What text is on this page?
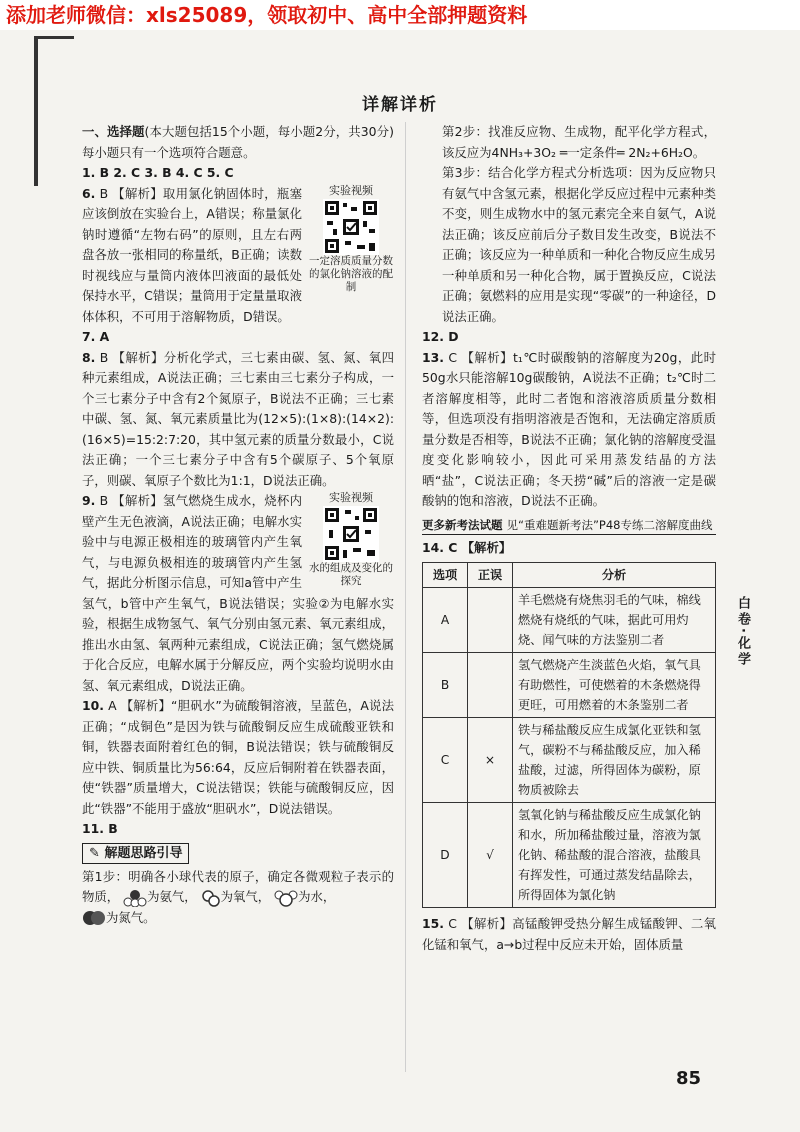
添加老师微信：xls25089，领取初中、高中全部押题资料
详解详析

一、选择题(本大题包括15个小题，每小题2分，共30分)每小题只有一个选项符合题意。

1. B 2. C 3. B 4. C 5. C

实验视频
一定溶质质量分数的氯化钠溶液的配制

6. B 【解析】取用氯化钠固体时，瓶塞应该倒放在实验台上，A错误；称量氯化钠时遵循“左物右码”的原则，且左右两盘各放一张相同的称量纸，B正确；读数时视线应与量筒内液体凹液面的最低处保持水平，C错误；量筒用于定量量取液体体积，不可用于溶解物质，D错误。

7. A

8. B 【解析】分析化学式，三七素由碳、氢、氮、氧四种元素组成，A说法正确；三七素由三七素分子构成，一个三七素分子中含有2个氮原子，B说法不正确；三七素中碳、氢、氮、氧元素质量比为(12×5):(1×8):(14×2):(16×5)=15:2:7:20，其中氢元素的质量分数最小，C说法正确；一个三七素分子中含有5个碳原子、5个氧原子，则碳、氧原子个数比为1:1，D说法正确。

实验视频
水的组成及变化的探究

9. B 【解析】氢气燃烧生成水，烧杯内壁产生无色液滴，A说法正确；电解水实验中与电源正极相连的玻璃管内产生氧气，与电源负极相连的玻璃管内产生氢气，据此分析图示信息，可知a管中产生氢气，b管中产生氧气，B说法错误；实验②为电解水实验，根据生成物氢气、氧气分别由氢元素、氧元素组成，推出水由氢、氧两种元素组成，C说法正确；氢气燃烧属于化合反应，电解水属于分解反应，两个实验均说明水由氢、氧元素组成，D说法正确。

10. A 【解析】“胆矾水”为硫酸铜溶液，呈蓝色，A说法正确；“成铜色”是因为铁与硫酸铜反应生成硫酸亚铁和铜，铁器表面附着红色的铜，B说法错误；铁与硫酸铜反应中铁、铜质量比为56:64，反应后铜附着在铁器表面，使“铁器”质量增大，C说法错误；铁能与硫酸铜反应，因此“铁器”不能用于盛放“胆矾水”，D说法错误。

11. B

✎ 解题思路引导

第1步：明确各小球代表的原子，确定各微观粒子表示的物质， 为氨气， 为氧气， 为水，

为氮气。

第2步：找准反应物、生成物，配平化学方程式，该反应为4NH₃+3O₂ ═一定条件═ 2N₂+6H₂O。

第3步：结合化学方程式分析选项：因为反应物只有氨气中含氢元素，根据化学反应过程中元素种类不变，则生成物水中的氢元素完全来自氨气，A说法正确；该反应前后分子数目发生改变，B说法不正确；该反应为一种单质和一种化合物反应生成另一种单质和另一种化合物，属于置换反应，C说法正确；氨燃料的应用是实现“零碳”的一种途径，D说法正确。

12. D

13. C 【解析】t₁℃时碳酸钠的溶解度为20g，此时50g水只能溶解10g碳酸钠，A说法不正确；t₂℃时二者溶解度相等，此时二者饱和溶液溶质质量分数相等，但选项没有指明溶液是否饱和，无法确定溶质质量分数是否相等，B说法不正确；氯化钠的溶解度受温度变化影响较小，因此可采用蒸发结晶的方法晒“盐”，C说法正确；冬天捞“碱”后的溶液一定是碳酸钠的饱和溶液，D说法不正确。

更多新考法试题 见“重难题新考法”P48专练二溶解度曲线

14. C 【解析】

选项	正误	分析
A		羊毛燃烧有烧焦羽毛的气味，棉线燃烧有烧纸的气味，据此可用灼烧、闻气味的方法鉴别二者
B		氢气燃烧产生淡蓝色火焰，氧气具有助燃性，可使燃着的木条燃烧得更旺，可用燃着的木条鉴别二者
C	×	铁与稀盐酸反应生成氯化亚铁和氢气，碳粉不与稀盐酸反应，加入稀盐酸，过滤，所得固体为碳粉，原物质被除去
D	√	氢氧化钠与稀盐酸反应生成氯化钠和水，所加稀盐酸过量，溶液为氯化钠、稀盐酸的混合溶液，盐酸具有挥发性，可通过蒸发结晶除去，所得固体为氯化钠

15. C 【解析】高锰酸钾受热分解生成锰酸钾、二氧化锰和氧气，a→b过程中反应未开始，固体质量

白卷·化学
85
